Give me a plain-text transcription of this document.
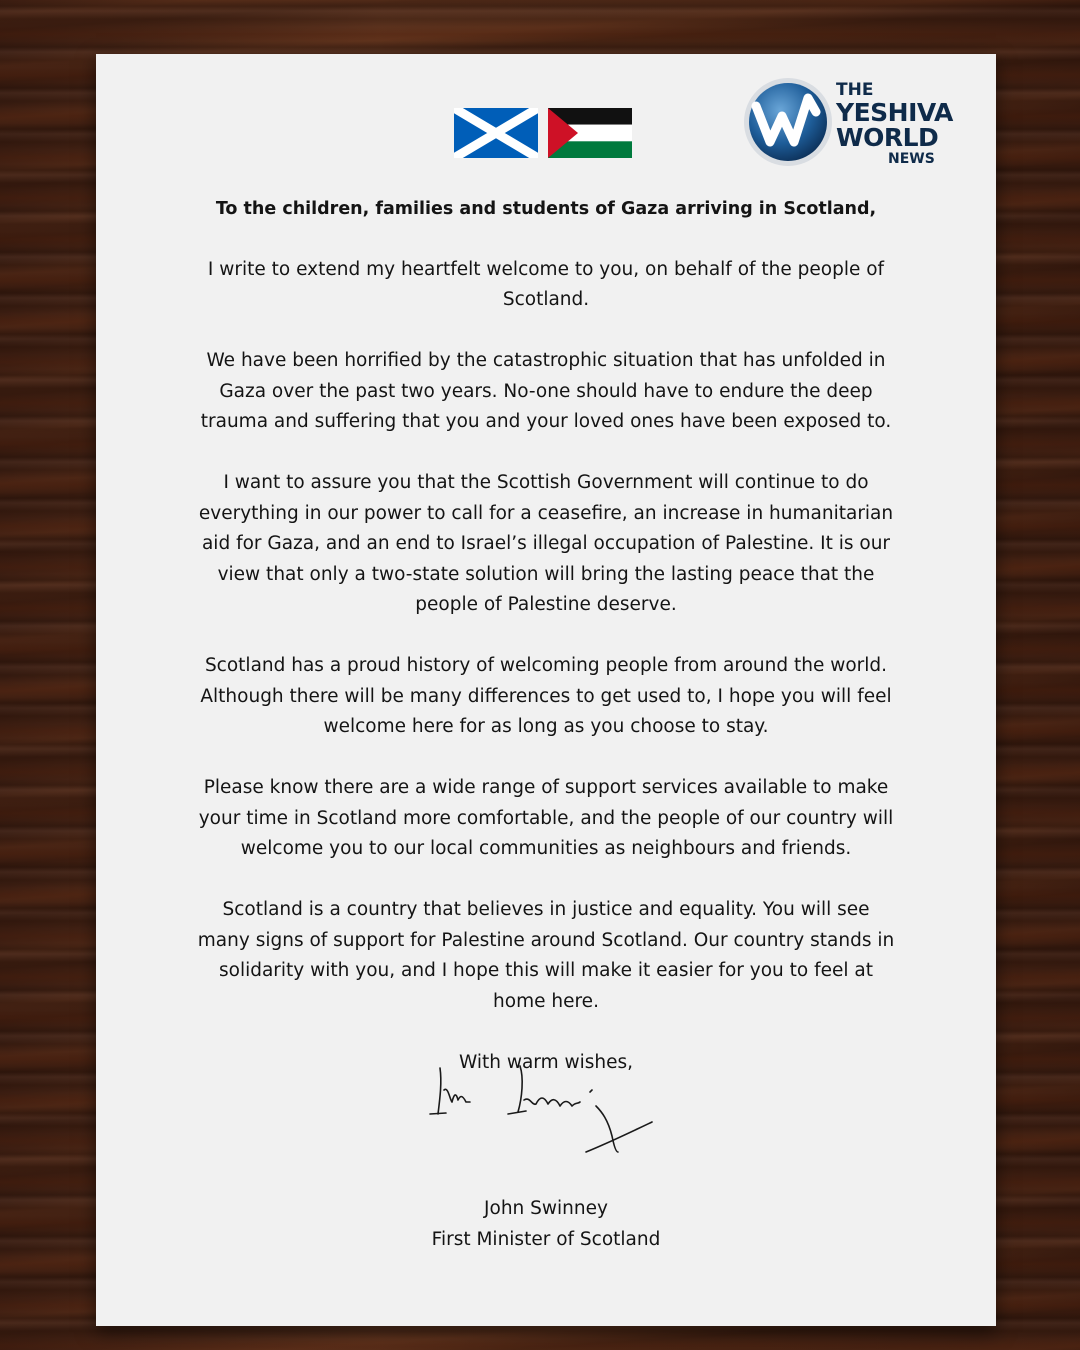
THE
YESHIVA
WORLD
NEWS

To the children, families and students of Gaza arriving in Scotland,

I write to extend my heartfelt welcome to you, on behalf of the people of Scotland.

We have been horrified by the catastrophic situation that has unfolded in Gaza over the past two years. No-one should have to endure the deep trauma and suffering that you and your loved ones have been exposed to.

I want to assure you that the Scottish Government will continue to do everything in our power to call for a ceasefire, an increase in humanitarian aid for Gaza, and an end to Israel’s illegal occupation of Palestine. It is our view that only a two-state solution will bring the lasting peace that the people of Palestine deserve.

Scotland has a proud history of welcoming people from around the world. Although there will be many differences to get used to, I hope you will feel welcome here for as long as you choose to stay.

Please know there are a wide range of support services available to make your time in Scotland more comfortable, and the people of our country will welcome you to our local communities as neighbours and friends.

Scotland is a country that believes in justice and equality. You will see many signs of support for Palestine around Scotland. Our country stands in solidarity with you, and I hope this will make it easier for you to feel at home here.

With warm wishes,

John Swinney
First Minister of Scotland
